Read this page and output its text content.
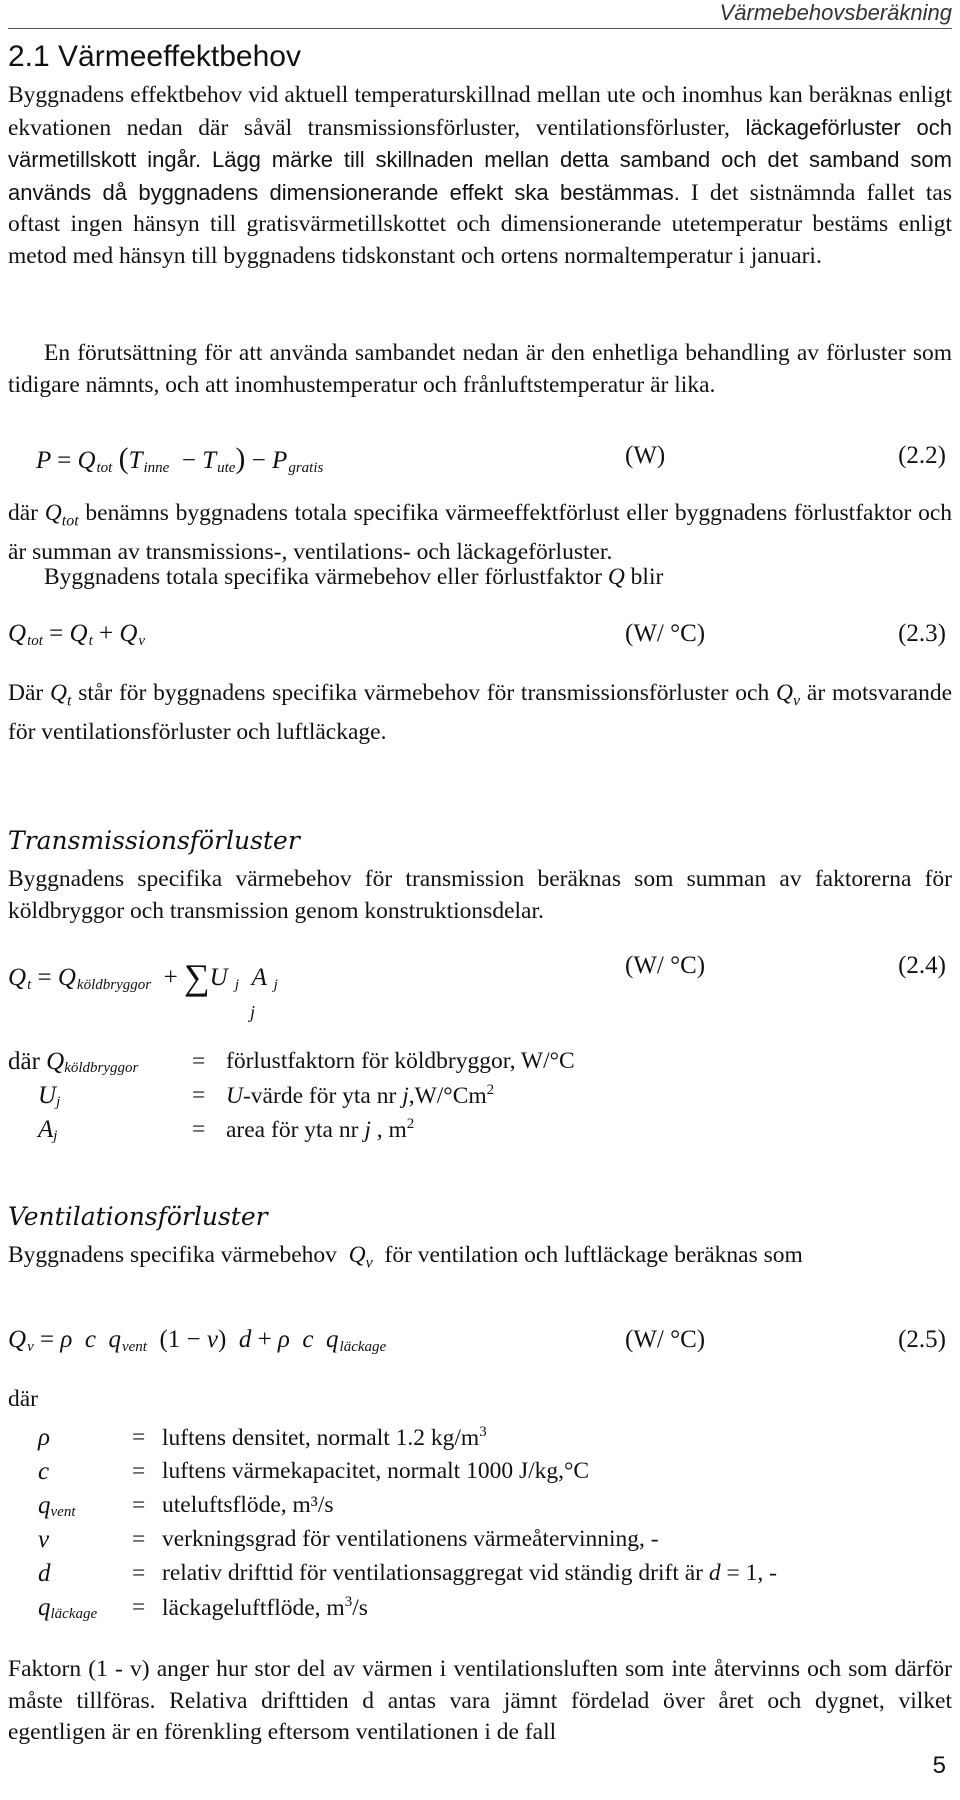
Värmebehovsberäkning
2.1 Värmeeffektbehov

Byggnadens effektbehov vid aktuell temperaturskillnad mellan ute och inomhus kan beräknas enligt ekvationen nedan där såväl transmissionsförluster, ventilationsförluster, läckageförluster och värmetillskott ingår. Lägg märke till skillnaden mellan detta samband och det samband som används då byggnadens dimensionerande effekt ska bestämmas. I det sistnämnda fallet tas oftast ingen hänsyn till gratisvärmetillskottet och dimensionerande utetemperatur bestäms enligt metod med hänsyn till byggnadens tidskonstant och ortens normaltemperatur i januari.

En förutsättning för att använda sambandet nedan är den enhetliga behandling av förluster som tidigare nämnts, och att inomhustemperatur och frånluftstemperatur är lika.

$P = Q_{tot}$ $(T_{inne} - T_{ute}) - P_{gratis}$	(W)	(2.2)

där $Q_{tot}$ benämns byggnadens totala specifika värmeeffektförlust eller byggnadens förlustfaktor och är summan av transmissions-, ventilations- och läckageförluster.

Byggnadens totala specifika värmebehov eller förlustfaktor Q blir

$Q_{tot} = Q_t + Q_v$	(W/ °C)	(2.3)

Där $Q_t$ står för byggnadens specifika värmebehov för transmissionsförluster och $Q_v$ är motsvarande för ventilationsförluster och luftläckage.

Transmissionsförluster

Byggnadens specifika värmebehov för transmission beräknas som summan av faktorerna för köldbryggor och transmission genom konstruktionsdelar.

$Q_t = Q_{köldbryggor} + \sum U$ $_j$  A $_j$
j
(W/ °C)	(2.4)
där $Q_{köldbryggor}$ = förlustfaktorn för köldbryggor, W/°C
$U_j$	= U-värde för yta nr j,W/°Cm$^2$
$A_j$	= area för yta nr j , $m^2$
Ventilationsförluster

Byggnadens specifika värmebehov $Q_v$ för ventilation och luftläckage beräknas som

$Q_v = \rho$  c  $q_{vent}$ (1 − v)  d + ρ  c  $q_{läckage}$	(W/ °C)	(2.5)
där
ρ	= luftens densitet, normalt 1.2 $kg/m^3$
c	= luftens värmekapacitet, normalt 1000 J/kg,°C
$q_{vent}$ = uteluftsflöde, m³/s
v	= verkningsgrad för ventilationens värmeåtervinning, -
d	= relativ drifttid för ventilationsaggregat vid ständig drift är d = 1, -
$q_{läckage}$ = läckageluftflöde, $m^3/s$

Faktorn (1 - v) anger hur stor del av värmen i ventilationsluften som inte återvinns och som därför måste tillföras. Relativa drifttiden d antas vara jämnt fördelad över året och dygnet, vilket egentligen är en förenkling eftersom ventilationen i de fall

5
